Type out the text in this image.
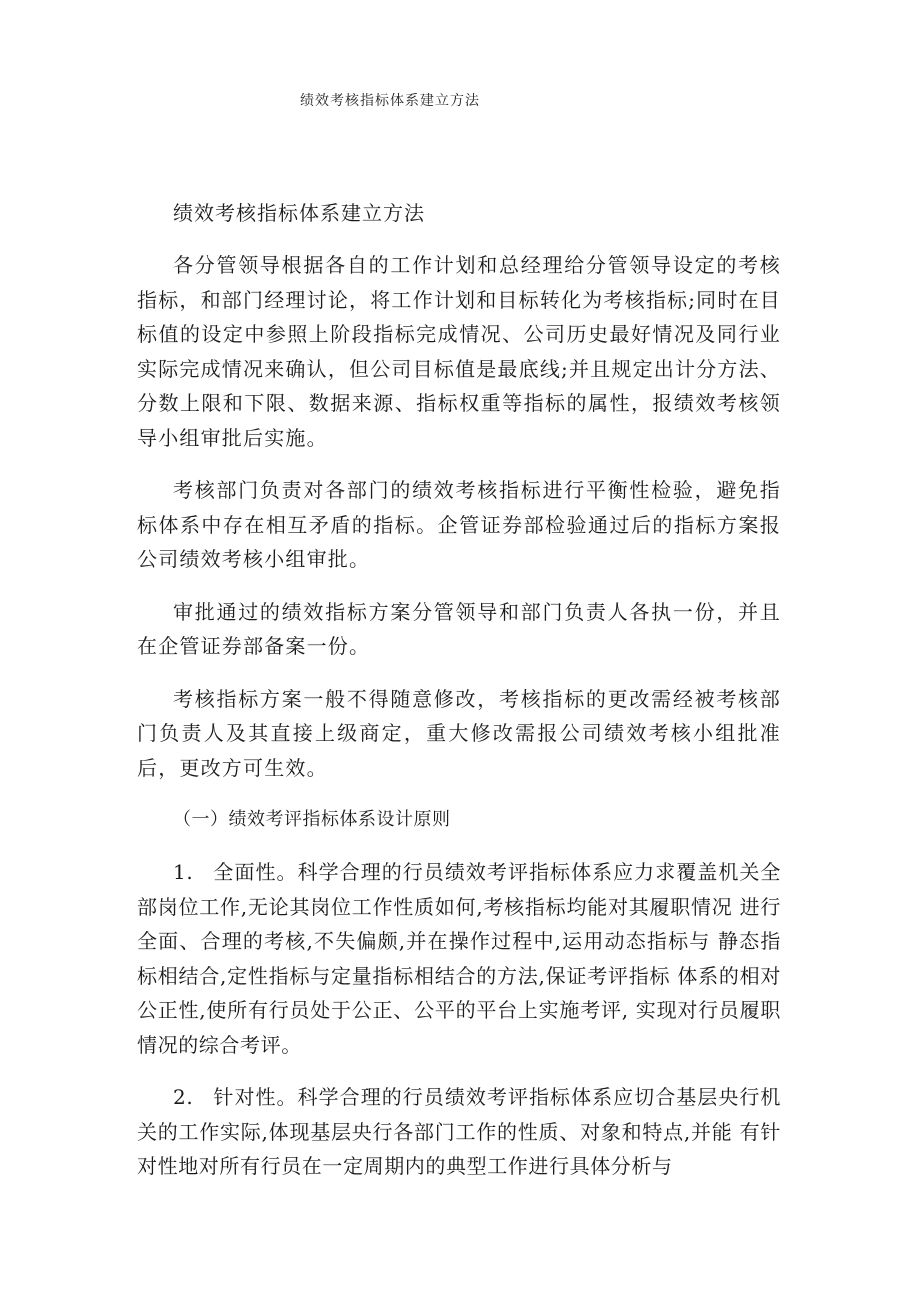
绩效考核指标体系建立方法

绩效考核指标体系建立方法

各分管领导根据各自的工作计划和总经理给分管领导设定的考核指标，和部门经理讨论，将工作计划和目标转化为考核指标;同时在目标值的设定中参照上阶段指标完成情况、公司历史最好情况及同行业实际完成情况来确认，但公司目标值是最底线;并且规定出计分方法、分数上限和下限、数据来源、指标权重等指标的属性，报绩效考核领导小组审批后实施。

考核部门负责对各部门的绩效考核指标进行平衡性检验，避免指标体系中存在相互矛盾的指标。企管证券部检验通过后的指标方案报公司绩效考核小组审批。

审批通过的绩效指标方案分管领导和部门负责人各执一份，并且在企管证券部备案一份。

考核指标方案一般不得随意修改，考核指标的更改需经被考核部门负责人及其直接上级商定，重大修改需报公司绩效考核小组批准后，更改方可生效。

（一）绩效考评指标体系设计原则

1. 全面性。科学合理的行员绩效考评指标体系应力求覆盖机关全 部岗位工作,无论其岗位工作性质如何,考核指标均能对其履职情况 进行全面、合理的考核,不失偏颇,并在操作过程中,运用动态指标与 静态指标相结合,定性指标与定量指标相结合的方法,保证考评指标 体系的相对公正性,使所有行员处于公正、公平的平台上实施考评, 实现对行员履职情况的综合考评。

2. 针对性。科学合理的行员绩效考评指标体系应切合基层央行机 关的工作实际,体现基层央行各部门工作的性质、对象和特点,并能 有针对性地对所有行员在一定周期内的典型工作进行具体分析与
